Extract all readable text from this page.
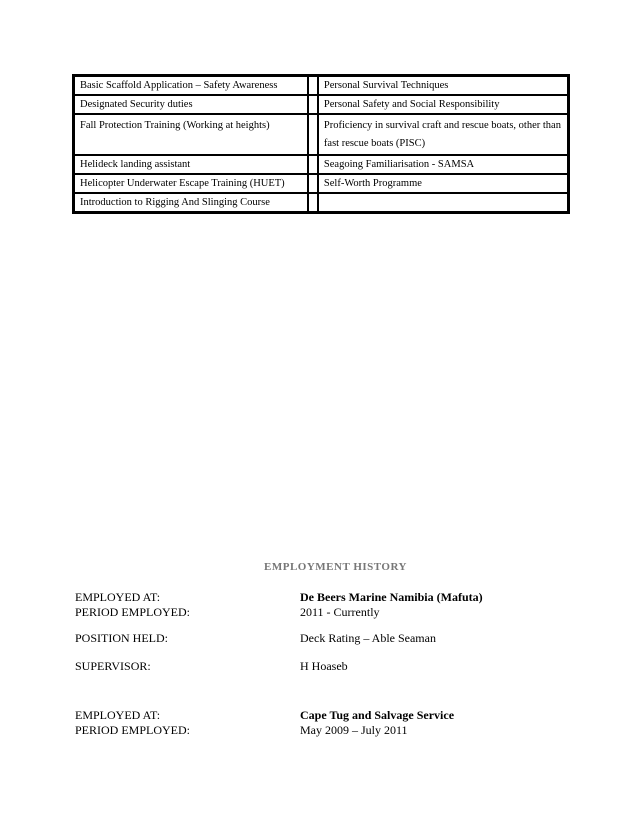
Basic Scaffold Application – Safety Awareness		Personal Survival Techniques
Designated Security duties		Personal Safety and Social Responsibility
Fall Protection Training (Working at heights)		Proficiency in survival craft and rescue boats, other than fast rescue boats (PISC)
Helideck landing assistant		Seagoing Familiarisation - SAMSA
Helicopter Underwater Escape Training (HUET)		Self-Worth Programme
Introduction to Rigging And Slinging Course		
EMPLOYMENT HISTORY
EMPLOYED AT:	De Beers Marine Namibia (Mafuta)
PERIOD EMPLOYED:	2011 - Currently
POSITION HELD:	Deck Rating – Able Seaman
SUPERVISOR:	H Hoaseb
EMPLOYED AT:	Cape Tug and Salvage Service
PERIOD EMPLOYED:	May 2009 – July 2011
